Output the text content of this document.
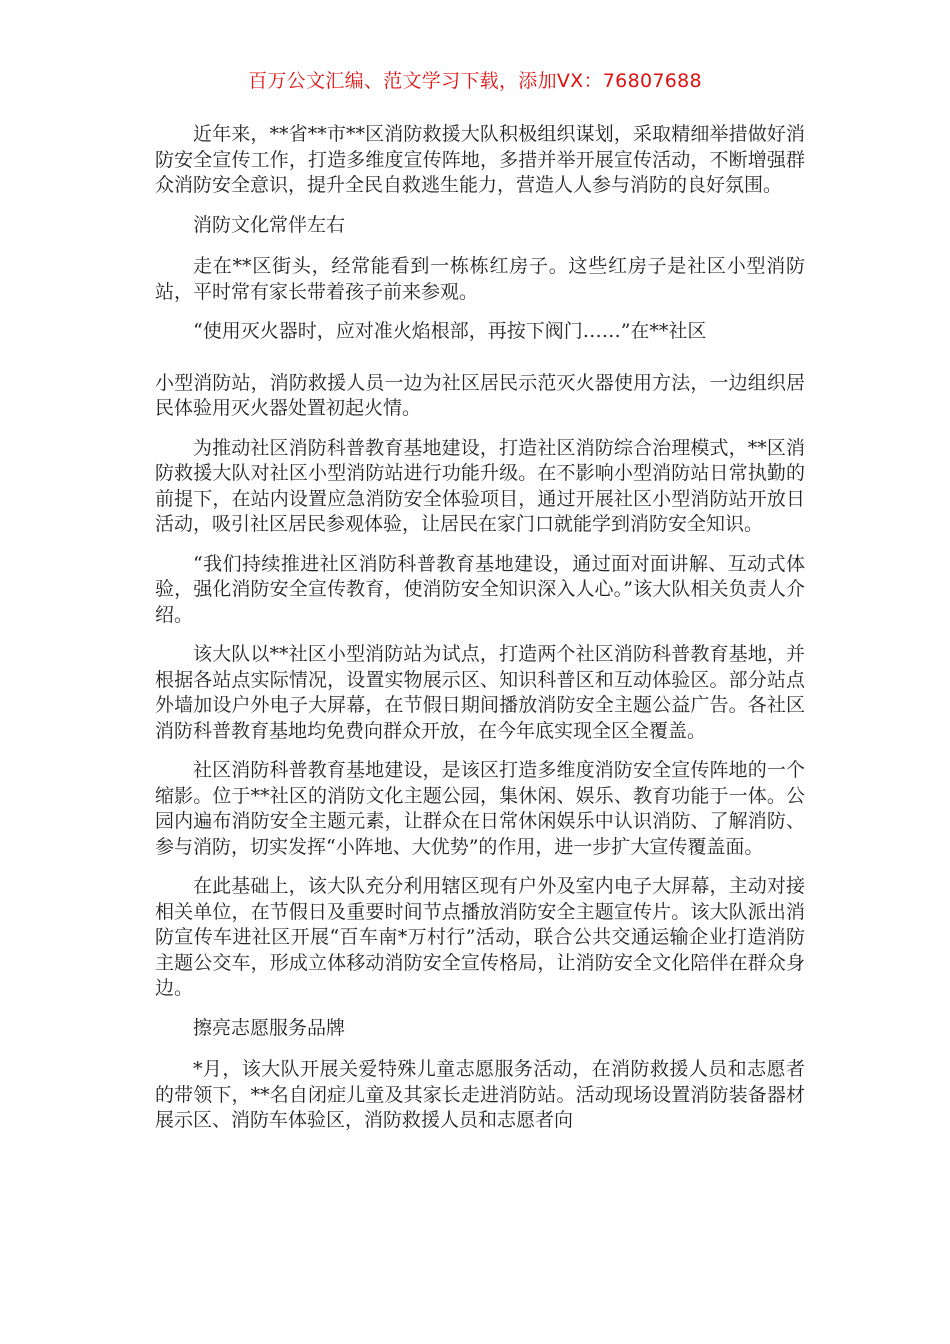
百万公文汇编、范文学习下载，添加VX：76807688

近年来，**省**市**区消防救援大队积极组织谋划，采取精细举措做好消防安全宣传工作，打造多维度宣传阵地，多措并举开展宣传活动，不断增强群众消防安全意识，提升全民自救逃生能力，营造人人参与消防的良好氛围。

消防文化常伴左右

走在**区街头，经常能看到一栋栋红房子。这些红房子是社区小型消防站，平时常有家长带着孩子前来参观。

“使用灭火器时，应对准火焰根部，再按下阀门……”在**社区

小型消防站，消防救援人员一边为社区居民示范灭火器使用方法，一边组织居民体验用灭火器处置初起火情。

为推动社区消防科普教育基地建设，打造社区消防综合治理模式，**区消防救援大队对社区小型消防站进行功能升级。在不影响小型消防站日常执勤的前提下，在站内设置应急消防安全体验项目，通过开展社区小型消防站开放日活动，吸引社区居民参观体验，让居民在家门口就能学到消防安全知识。

“我们持续推进社区消防科普教育基地建设，通过面对面讲解、互动式体验，强化消防安全宣传教育，使消防安全知识深入人心。”该大队相关负责人介绍。

该大队以**社区小型消防站为试点，打造两个社区消防科普教育基地，并根据各站点实际情况，设置实物展示区、知识科普区和互动体验区。部分站点外墙加设户外电子大屏幕，在节假日期间播放消防安全主题公益广告。各社区消防科普教育基地均免费向群众开放，在今年底实现全区全覆盖。

社区消防科普教育基地建设，是该区打造多维度消防安全宣传阵地的一个缩影。位于**社区的消防文化主题公园，集休闲、娱乐、教育功能于一体。公园内遍布消防安全主题元素，让群众在日常休闲娱乐中认识消防、了解消防、参与消防，切实发挥“小阵地、大优势”的作用，进一步扩大宣传覆盖面。

在此基础上，该大队充分利用辖区现有户外及室内电子大屏幕，主动对接相关单位，在节假日及重要时间节点播放消防安全主题宣传片。该大队派出消防宣传车进社区开展“百车南*万村行”活动，联合公共交通运输企业打造消防主题公交车，形成立体移动消防安全宣传格局，让消防安全文化陪伴在群众身边。

擦亮志愿服务品牌

*月，该大队开展关爱特殊儿童志愿服务活动，在消防救援人员和志愿者的带领下，**名自闭症儿童及其家长走进消防站。活动现场设置消防装备器材展示区、消防车体验区，消防救援人员和志愿者向
